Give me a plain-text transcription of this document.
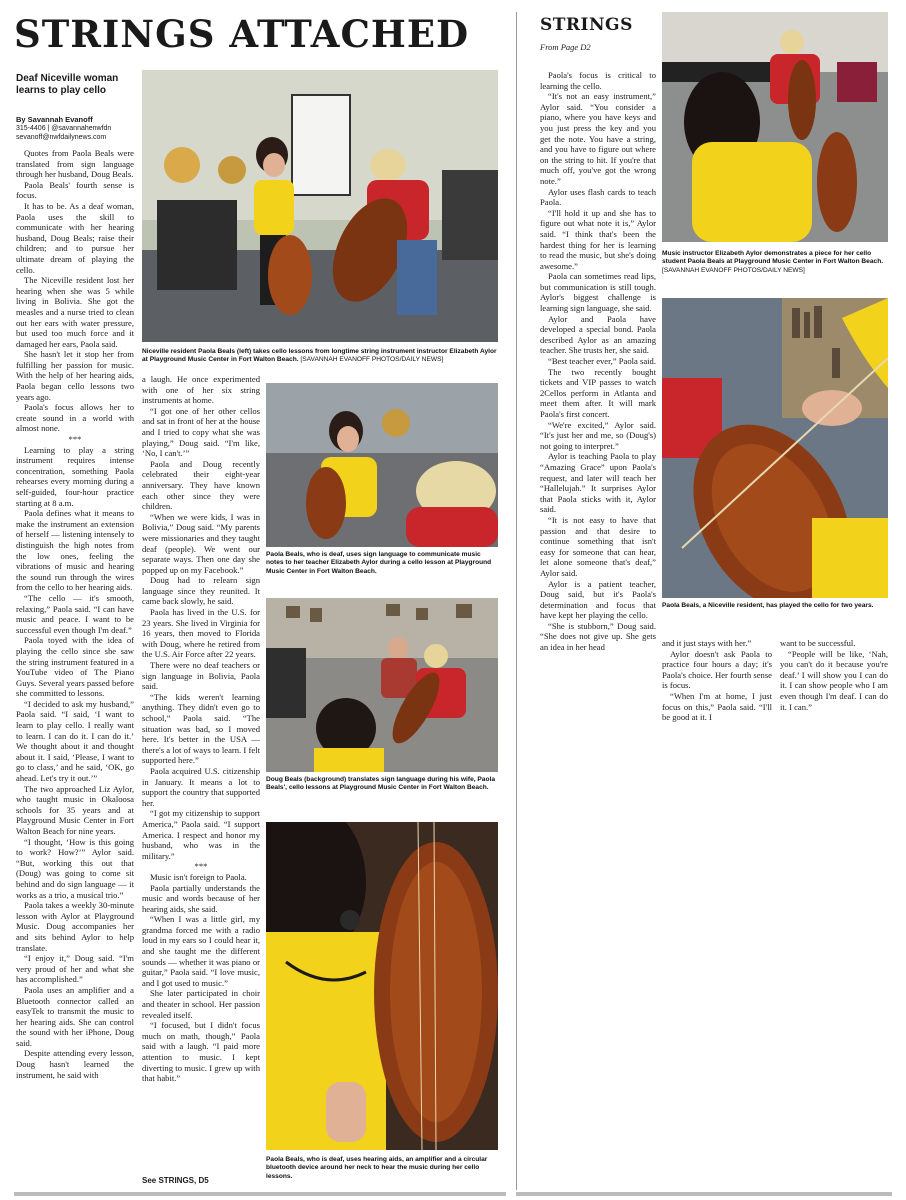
STRINGS ATTACHED
Deaf Niceville woman learns to play cello
By Savannah Evanoff
315-4406 | @savannahenwfdn
sevanoff@nwfdailynews.com

Quotes from Paola Beals were translated from sign language through her husband, Doug Beals.

Paola Beals' fourth sense is focus.

It has to be. As a deaf woman, Paola uses the skill to communicate with her hearing husband, Doug Beals; raise their children; and to pursue her ultimate dream of playing the cello.

The Niceville resident lost her hearing when she was 5 while living in Bolivia. She got the measles and a nurse tried to clean out her ears with water pressure, but used too much force and it damaged her ears, Paola said.

She hasn't let it stop her from fulfilling her passion for music. With the help of her hearing aids, Paola began cello lessons two years ago.

Paola's focus allows her to create sound in a world with almost none.

***

Learning to play a string instrument requires intense concentration, something Paola rehearses every morning during a self-guided, four-hour practice starting at 8 a.m.

Paola defines what it means to make the instrument an extension of herself — listening intensely to distinguish the high notes from the low ones, feeling the vibrations of music and hearing the sound run through the wires from the cello to her hearing aids.

“The cello — it's smooth, relaxing,” Paola said. “I can have music and peace. I want to be successful even though I'm deaf.”

Paola toyed with the idea of playing the cello since she saw the string instrument featured in a YouTube video of The Piano Guys. Several years passed before she committed to lessons.

“I decided to ask my husband,” Paola said. “I said, ‘I want to learn to play cello. I really want to learn. I can do it. I can do it.’ We thought about it and thought about it. I said, ‘Please, I want to go to class,’ and he said, ‘OK, go ahead. Let's try it out.’”

The two approached Liz Aylor, who taught music in Okaloosa schools for 35 years and at Playground Music Center in Fort Walton Beach for nine years.

“I thought, ‘How is this going to work? How?’” Aylor said. “But, working this out that (Doug) was going to come sit behind and do sign language — it works as a trio, a musical trio.”

Paola takes a weekly 30-minute lesson with Aylor at Playground Music. Doug accompanies her and sits behind Aylor to help translate.

“I enjoy it,” Doug said. “I'm very proud of her and what she has accomplished.”

Paola uses an amplifier and a Bluetooth connector called an easyTek to transmit the music to her hearing aids. She can control the sound with her iPhone, Doug said.

Despite attending every lesson, Doug hasn't learned the instrument, he said with

Niceville resident Paola Beals (left) takes cello lessons from longtime string instrument instructor Elizabeth Aylor at Playground Music Center in Fort Walton Beach. [SAVANNAH EVANOFF PHOTOS/DAILY NEWS]

a laugh. He once experimented with one of her six string instruments at home.

“I got one of her other cellos and sat in front of her at the house and I tried to copy what she was playing,” Doug said. “I'm like, ‘No, I can't.’”

Paola and Doug recently celebrated their eight-year anniversary. They have known each other since they were children.

“When we were kids, I was in Bolivia,” Doug said. “My parents were missionaries and they taught deaf (people). We went our separate ways. Then one day she popped up on my Facebook.”

Doug had to relearn sign language since they reunited. It came back slowly, he said.

Paola has lived in the U.S. for 23 years. She lived in Virginia for 16 years, then moved to Florida with Doug, where he retired from the U.S. Air Force after 22 years.

There were no deaf teachers or sign language in Bolivia, Paola said.

“The kids weren't learning anything. They didn't even go to school,” Paola said. “The situation was bad, so I moved here. It's better in the USA — there's a lot of ways to learn. I felt supported here.”

Paola acquired U.S. citizenship in January. It means a lot to support the country that supported her.

“I got my citizenship to support America,” Paola said. “I support America. I respect and honor my husband, who was in the military.”

***

Music isn't foreign to Paola.

Paola partially understands the music and words because of her hearing aids, she said.

“When I was a little girl, my grandma forced me with a radio loud in my ears so I could hear it, and she taught me the different sounds — whether it was piano or guitar,” Paola said. “I love music, and I got used to music.”

She later participated in choir and theater in school. Her passion revealed itself.

“I focused, but I didn't focus much on math, though,” Paola said with a laugh. “I paid more attention to music. I kept diverting to music. I grew up with that habit.”

See STRINGS, D5
Paola Beals, who is deaf, uses sign language to communicate music notes to her teacher Elizabeth Aylor during a cello lesson at Playground Music Center in Fort Walton Beach.
Doug Beals (background) translates sign language during his wife, Paola Beals', cello lessons at Playground Music Center in Fort Walton Beach.
Paola Beals, who is deaf, uses hearing aids, an amplifier and a circular bluetooth device around her neck to hear the music during her cello lessons.
STRINGS
From Page D2

Paola's focus is critical to learning the cello.

“It's not an easy instrument,” Aylor said. “You consider a piano, where you have keys and you just press the key and you get the note. You have a string, and you have to figure out where on the string to hit. If you're that much off, you've got the wrong note.”

Aylor uses flash cards to teach Paola.

“I'll hold it up and she has to figure out what note it is,” Aylor said. “I think that's been the hardest thing for her is learning to read the music, but she's doing awesome.”

Paola can sometimes read lips, but communication is still tough. Aylor's biggest challenge is learning sign language, she said.

Aylor and Paola have developed a special bond. Paola described Aylor as an amazing teacher. She trusts her, she said.

“Best teacher ever,” Paola said.

The two recently bought tickets and VIP passes to watch 2Cellos perform in Atlanta and meet them after. It will mark Paola's first concert.

“We're excited,” Aylor said. “It's just her and me, so (Doug's) not going to interpret.”

Aylor is teaching Paola to play “Amazing Grace” upon Paola's request, and later will teach her “Hallelujah.” It surprises Aylor that Paola sticks with it, Aylor said.

“It is not easy to have that passion and that desire to continue something that isn't easy for someone that can hear, let alone someone that's deaf,” Aylor said.

Aylor is a patient teacher, Doug said, but it's Paola's determination and focus that have kept her playing the cello.

“She is stubborn,” Doug said. “She does not give up. She gets an idea in her head

Music instructor Elizabeth Aylor demonstrates a piece for her cello student Paola Beals at Playground Music Center in Fort Walton Beach. [SAVANNAH EVANOFF PHOTOS/DAILY NEWS]
Paola Beals, a Niceville resident, has played the cello for two years.

and it just stays with her.”

Aylor doesn't ask Paola to practice four hours a day; it's Paola's choice. Her fourth sense is focus.

“When I'm at home, I just focus on this,” Paola said. “I'll be good at it. I

want to be successful.

“People will be like, ‘Nah, you can't do it because you're deaf.’ I will show you I can do it. I can show people who I am even though I'm deaf. I can do it. I can.”
